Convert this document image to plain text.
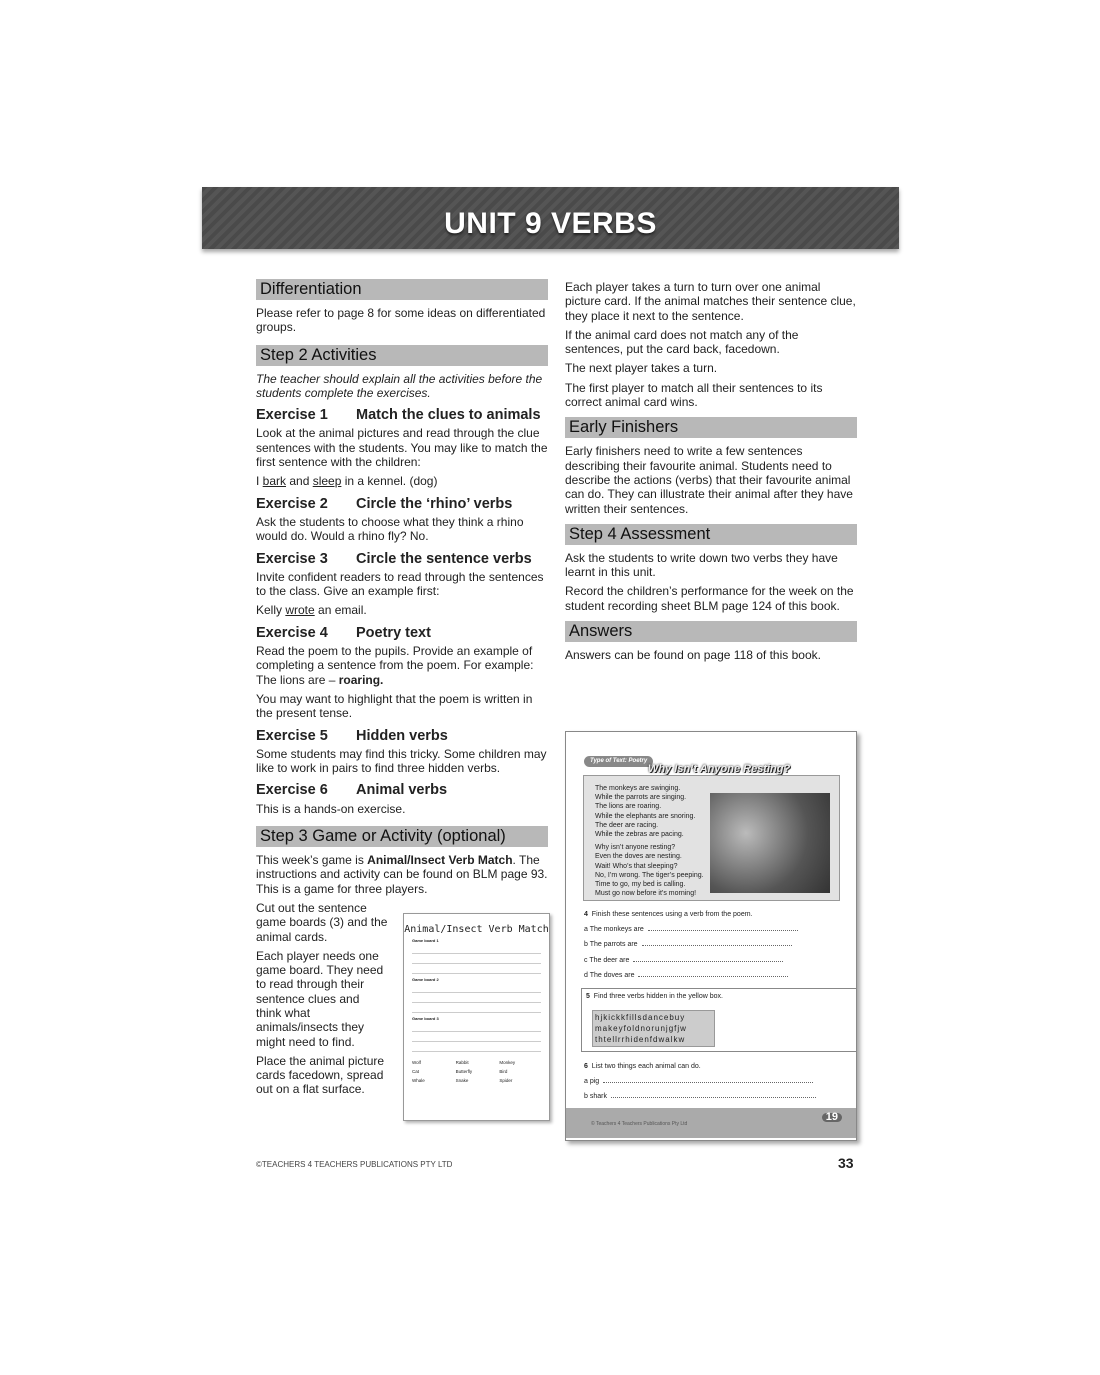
UNIT 9 VERBS
Differentiation

Please refer to page 8 for some ideas on differentiated groups.

Step 2 Activities

The teacher should explain all the activities before the students complete the exercises.

Exercise 1	Match the clues to animals

Look at the animal pictures and read through the clue sentences with the students. You may like to match the first sentence with the children:

I bark and sleep in a kennel. (dog)

Exercise 2	Circle the ‘rhino’ verbs

Ask the students to choose what they think a rhino would do. Would a rhino fly? No.

Exercise 3	Circle the sentence verbs

Invite confident readers to read through the sentences to the class. Give an example first:

Kelly wrote an email.

Exercise 4	Poetry text

Read the poem to the pupils. Provide an example of completing a sentence from the poem. For example: The lions are – roaring.

You may want to highlight that the poem is written in the present tense.

Exercise 5	Hidden verbs

Some students may find this tricky. Some children may like to work in pairs to find three hidden verbs.

Exercise 6	Animal verbs

This is a hands-on exercise.

Step 3 Game or Activity (optional)

This week’s game is Animal/Insect Verb Match. The instructions and activity can be found on BLM page 93. This is a game for three players.

Cut out the sentence game boards (3) and the animal cards.

Each player needs one game board. They need to read through their sentence clues and think what animals/insects they might need to find.

Place the animal picture cards facedown, spread out on a flat surface.

Animal/Insect Verb Match
Game board 1
Game board 2
Game board 3
Wolf	Rabbit	Monkey
Cat	Butterfly	Bird
Whale	Snake	Spider

Each player takes a turn to turn over one animal picture card. If the animal matches their sentence clue, they place it next to the sentence.

If the animal card does not match any of the sentences, put the card back, facedown.

The next player takes a turn.

The first player to match all their sentences to its correct animal card wins.

Early Finishers

Early finishers need to write a few sentences describing their favourite animal. Students need to describe the actions (verbs) that their favourite animal can do. They can illustrate their animal after they have written their sentences.

Step 4 Assessment

Ask the students to write down two verbs they have learnt in this unit.

Record the children’s performance for the week on the student recording sheet BLM page 124 of this book.

Answers

Answers can be found on page 118 of this book.

Type of Text: Poetry
Why Isn’t Anyone Resting?
The monkeys are swinging.
While the parrots are singing.
The lions are roaring.
While the elephants are snoring.
The deer are racing.
While the zebras are pacing.
Why isn’t anyone resting?
Even the doves are nesting.
Wait! Who’s that sleeping?
No, I’m wrong. The tiger’s peeping.
Time to go, my bed is calling.
Must go now before it’s morning!
4 Finish these sentences using a verb from the poem.
a The monkeys are
b The parrots are
c The deer are
d The doves are
5 Find three verbs hidden in the yellow box.
hjkickkfillsdancebuy
makeyfoldnorunjgfjw
thtellrrhidenfdwalkw
6 List two things each animal can do.
a pig
b shark
© Teachers 4 Teachers Publications Pty Ltd
19
©TEACHERS 4 TEACHERS PUBLICATIONS PTY LTD	33
